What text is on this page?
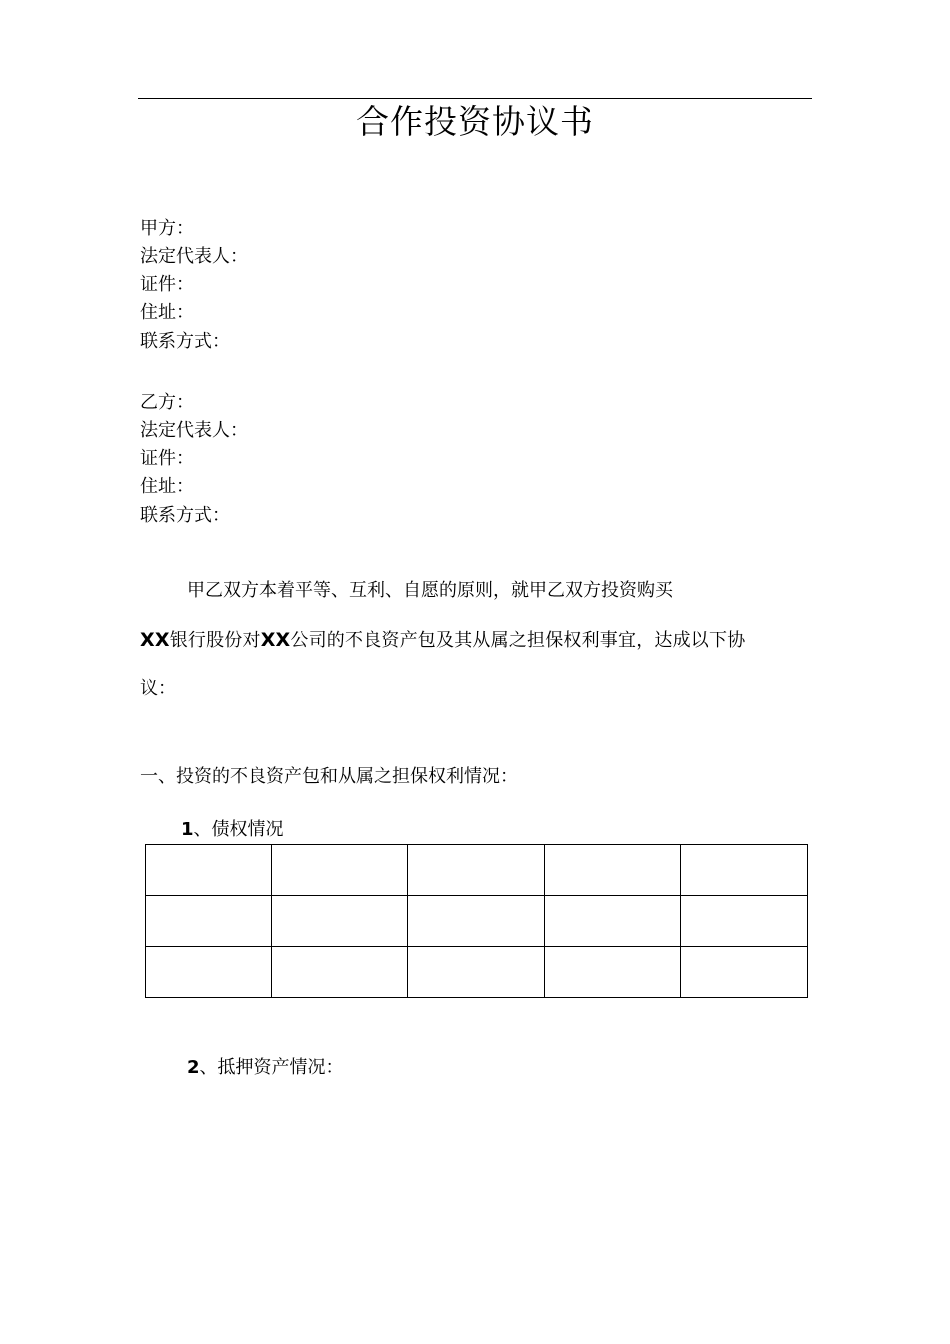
合作投资协议书
甲方：
法定代表人：
证件：
住址：
联系方式：
乙方：
法定代表人：
证件：
住址：
联系方式：
甲乙双方本着平等、互利、自愿的原则，就甲乙双方投资购买
XX银行股份对XX公司的不良资产包及其从属之担保权利事宜，达成以下协
议：
一、投资的不良资产包和从属之担保权利情况：
1、债权情况

2、抵押资产情况：
